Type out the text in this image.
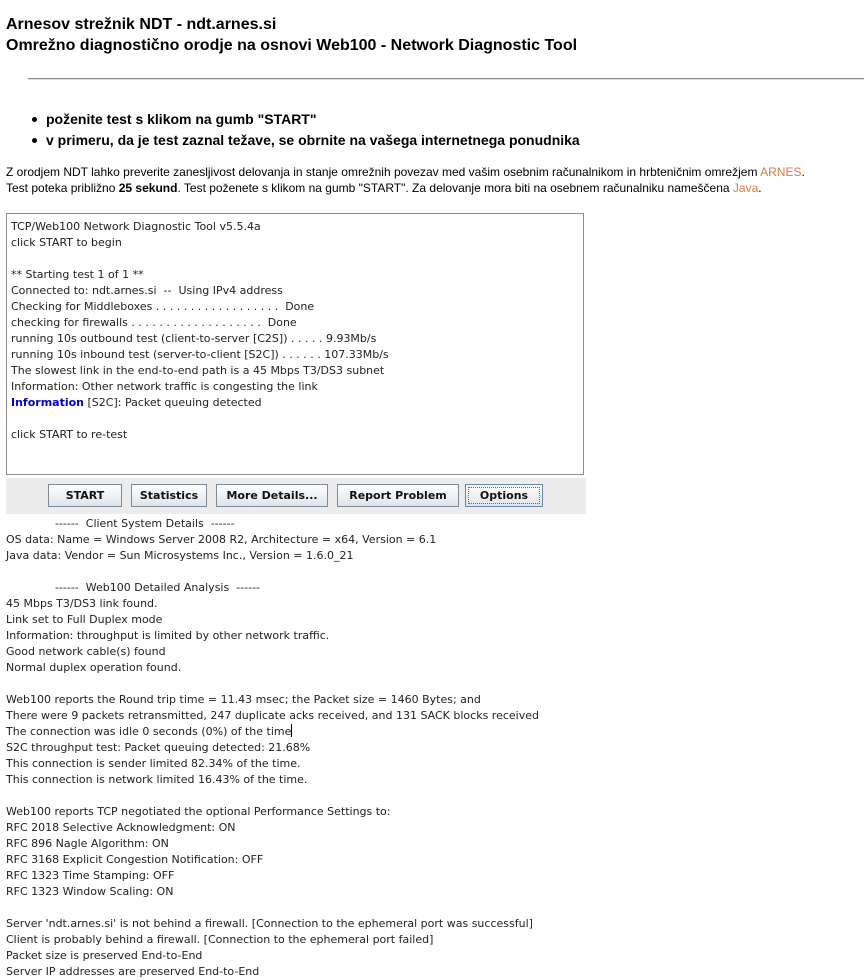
Arnesov strežnik NDT - ndt.arnes.si
Omrežno diagnostično orodje na osnovi Web100 - Network Diagnostic Tool
poženite test s klikom na gumb "START"
v primeru, da je test zaznal težave, se obrnite na vašega internetnega ponudnika
Z orodjem NDT lahko preverite zanesljivost delovanja in stanje omrežnih povezav med vašim osebnim računalnikom in hrbteničnim omrežjem ARNES.
Test poteka približno 25 sekund. Test poženete s klikom na gumb "START". Za delovanje mora biti na osebnem računalniku nameščena Java.
TCP/Web100 Network Diagnostic Tool v5.5.4a
click START to begin
** Starting test 1 of 1 **
Connected to: ndt.arnes.si  --  Using IPv4 address
Checking for Middleboxes . . . . . . . . . . . . . . . . . .  Done
checking for firewalls . . . . . . . . . . . . . . . . . . .  Done
running 10s outbound test (client-to-server [C2S]) . . . . . 9.93Mb/s
running 10s inbound test (server-to-client [S2C]) . . . . . . 107.33Mb/s
The slowest link in the end-to-end path is a 45 Mbps T3/DS3 subnet
Information: Other network traffic is congesting the link
Information [S2C]: Packet queuing detected
click START to re-test
START	Statistics	More Details...	Report Problem	Options
------  Client System Details  ------
OS data: Name = Windows Server 2008 R2, Architecture = x64, Version = 6.1
Java data: Vendor = Sun Microsystems Inc., Version = 1.6.0_21
------  Web100 Detailed Analysis  ------
45 Mbps T3/DS3 link found.
Link set to Full Duplex mode
Information: throughput is limited by other network traffic.
Good network cable(s) found
Normal duplex operation found.
Web100 reports the Round trip time = 11.43 msec; the Packet size = 1460 Bytes; and
There were 9 packets retransmitted, 247 duplicate acks received, and 131 SACK blocks received
The connection was idle 0 seconds (0%) of the time
S2C throughput test: Packet queuing detected: 21.68%
This connection is sender limited 82.34% of the time.
This connection is network limited 16.43% of the time.
Web100 reports TCP negotiated the optional Performance Settings to:
RFC 2018 Selective Acknowledgment: ON
RFC 896 Nagle Algorithm: ON
RFC 3168 Explicit Congestion Notification: OFF
RFC 1323 Time Stamping: OFF
RFC 1323 Window Scaling: ON
Server 'ndt.arnes.si' is not behind a firewall. [Connection to the ephemeral port was successful]
Client is probably behind a firewall. [Connection to the ephemeral port failed]
Packet size is preserved End-to-End
Server IP addresses are preserved End-to-End
